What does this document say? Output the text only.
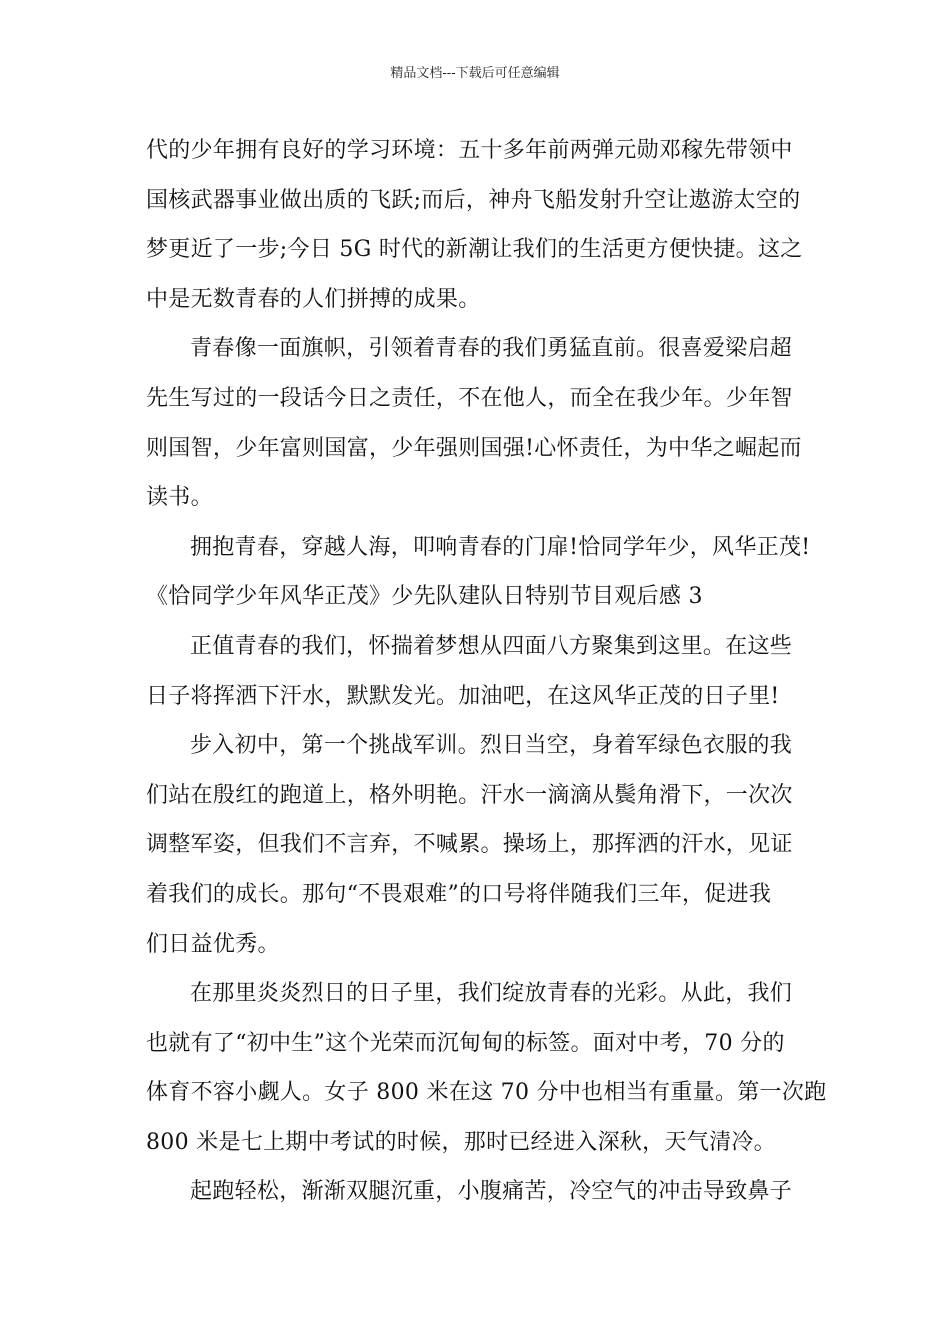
精品文档---下载后可任意编辑
代的少年拥有良好的学习环境：五十多年前两弹元勋邓稼先带领中
国核武器事业做出质的飞跃;而后，神舟飞船发射升空让遨游太空的
梦更近了一步;今日 5G 时代的新潮让我们的生活更方便快捷。这之
中是无数青春的人们拼搏的成果。
青春像一面旗帜，引领着青春的我们勇猛直前。很喜爱梁启超
先生写过的一段话今日之责任，不在他人，而全在我少年。少年智
则国智，少年富则国富，少年强则国强!心怀责任，为中华之崛起而
读书。
拥抱青春，穿越人海，叩响青春的门扉!恰同学年少，风华正茂!
《恰同学少年风华正茂》少先队建队日特别节目观后感 3
正值青春的我们，怀揣着梦想从四面八方聚集到这里。在这些
日子将挥洒下汗水，默默发光。加油吧，在这风华正茂的日子里!
步入初中，第一个挑战军训。烈日当空，身着军绿色衣服的我
们站在殷红的跑道上，格外明艳。汗水一滴滴从鬓角滑下，一次次
调整军姿，但我们不言弃，不喊累。操场上，那挥洒的汗水，见证
着我们的成长。那句“不畏艰难”的口号将伴随我们三年，促进我
们日益优秀。
在那里炎炎烈日的日子里，我们绽放青春的光彩。从此，我们
也就有了“初中生”这个光荣而沉甸甸的标签。面对中考，70 分的
体育不容小觑人。女子 800 米在这 70 分中也相当有重量。第一次跑
800 米是七上期中考试的时候，那时已经进入深秋，天气清冷。
起跑轻松，渐渐双腿沉重，小腹痛苦，冷空气的冲击导致鼻子
